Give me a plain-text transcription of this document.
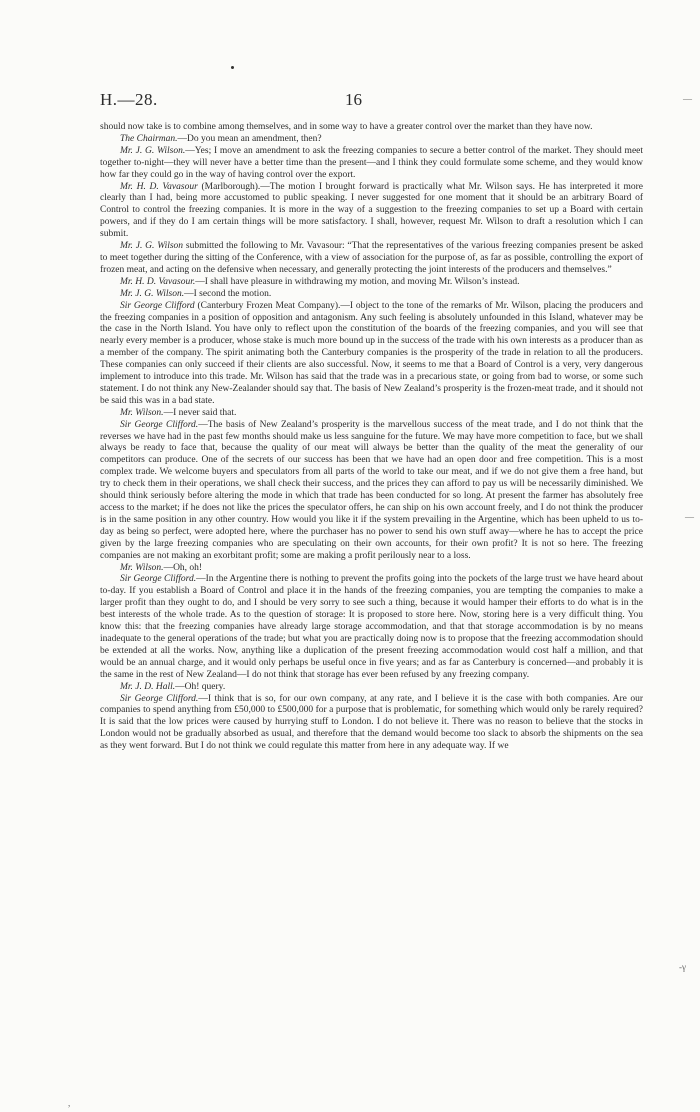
H.—28.	16	—
—
-γ
,

should now take is to combine among themselves, and in some way to have a greater control over the market than they have now.

The Chairman.—Do you mean an amendment, then?

Mr. J. G. Wilson.—Yes; I move an amendment to ask the freezing companies to secure a better control of the market. They should meet together to-night—they will never have a better time than the present—and I think they could formulate some scheme, and they would know how far they could go in the way of having control over the export.

Mr. H. D. Vavasour (Marlborough).—The motion I brought forward is practically what Mr. Wilson says. He has interpreted it more clearly than I had, being more accustomed to public speaking. I never suggested for one moment that it should be an arbitrary Board of Control to control the freezing companies. It is more in the way of a suggestion to the freezing companies to set up a Board with certain powers, and if they do I am certain things will be more satisfactory. I shall, however, request Mr. Wilson to draft a resolution which I can submit.

Mr. J. G. Wilson submitted the following to Mr. Vavasour: “That the representatives of the various freezing companies present be asked to meet together during the sitting of the Conference, with a view of association for the purpose of, as far as possible, controlling the export of frozen meat, and acting on the defensive when necessary, and generally protecting the joint interests of the producers and themselves.”

Mr. H. D. Vavasour.—I shall have pleasure in withdrawing my motion, and moving Mr. Wilson’s instead.

Mr. J. G. Wilson.—I second the motion.

Sir George Clifford (Canterbury Frozen Meat Company).—I object to the tone of the remarks of Mr. Wilson, placing the producers and the freezing companies in a position of opposition and antagonism. Any such feeling is absolutely unfounded in this Island, whatever may be the case in the North Island. You have only to reflect upon the constitution of the boards of the freezing companies, and you will see that nearly every member is a producer, whose stake is much more bound up in the success of the trade with his own interests as a producer than as a member of the company. The spirit animating both the Canterbury companies is the prosperity of the trade in relation to all the producers. These companies can only succeed if their clients are also successful. Now, it seems to me that a Board of Control is a very, very dangerous implement to introduce into this trade. Mr. Wilson has said that the trade was in a precarious state, or going from bad to worse, or some such statement. I do not think any New-Zealander should say that. The basis of New Zealand’s prosperity is the frozen-meat trade, and it should not be said this was in a bad state.

Mr. Wilson.—I never said that.

Sir George Clifford.—The basis of New Zealand’s prosperity is the marvellous success of the meat trade, and I do not think that the reverses we have had in the past few months should make us less sanguine for the future. We may have more competition to face, but we shall always be ready to face that, because the quality of our meat will always be better than the quality of the meat the generality of our competitors can produce. One of the secrets of our success has been that we have had an open door and free competition. This is a most complex trade. We welcome buyers and speculators from all parts of the world to take our meat, and if we do not give them a free hand, but try to check them in their operations, we shall check their success, and the prices they can afford to pay us will be necessarily diminished. We should think seriously before altering the mode in which that trade has been conducted for so long. At present the farmer has absolutely free access to the market; if he does not like the prices the speculator offers, he can ship on his own account freely, and I do not think the producer is in the same position in any other country. How would you like it if the system prevailing in the Argentine, which has been upheld to us to-day as being so perfect, were adopted here, where the purchaser has no power to send his own stuff away—where he has to accept the price given by the large freezing companies who are speculating on their own accounts, for their own profit? It is not so here. The freezing companies are not making an exorbitant profit; some are making a profit perilously near to a loss.

Mr. Wilson.—Oh, oh!

Sir George Clifford.—In the Argentine there is nothing to prevent the profits going into the pockets of the large trust we have heard about to-day. If you establish a Board of Control and place it in the hands of the freezing companies, you are tempting the companies to make a larger profit than they ought to do, and I should be very sorry to see such a thing, because it would hamper their efforts to do what is in the best interests of the whole trade. As to the question of storage: It is proposed to store here. Now, storing here is a very difficult thing. You know this: that the freezing companies have already large storage accommodation, and that that storage accommodation is by no means inadequate to the general operations of the trade; but what you are practically doing now is to propose that the freezing accommodation should be extended at all the works. Now, anything like a duplication of the present freezing accommodation would cost half a million, and that would be an annual charge, and it would only perhaps be useful once in five years; and as far as Canterbury is concerned—and probably it is the same in the rest of New Zealand—I do not think that storage has ever been refused by any freezing company.

Mr. J. D. Hall.—Oh! query.

Sir George Clifford.—I think that is so, for our own company, at any rate, and I believe it is the case with both companies. Are our companies to spend anything from £50,000 to £500,000 for a purpose that is problematic, for something which would only be rarely required? It is said that the low prices were caused by hurrying stuff to London. I do not believe it. There was no reason to believe that the stocks in London would not be gradually absorbed as usual, and therefore that the demand would become too slack to absorb the shipments on the sea as they went forward. But I do not think we could regulate this matter from here in any adequate way. If we
